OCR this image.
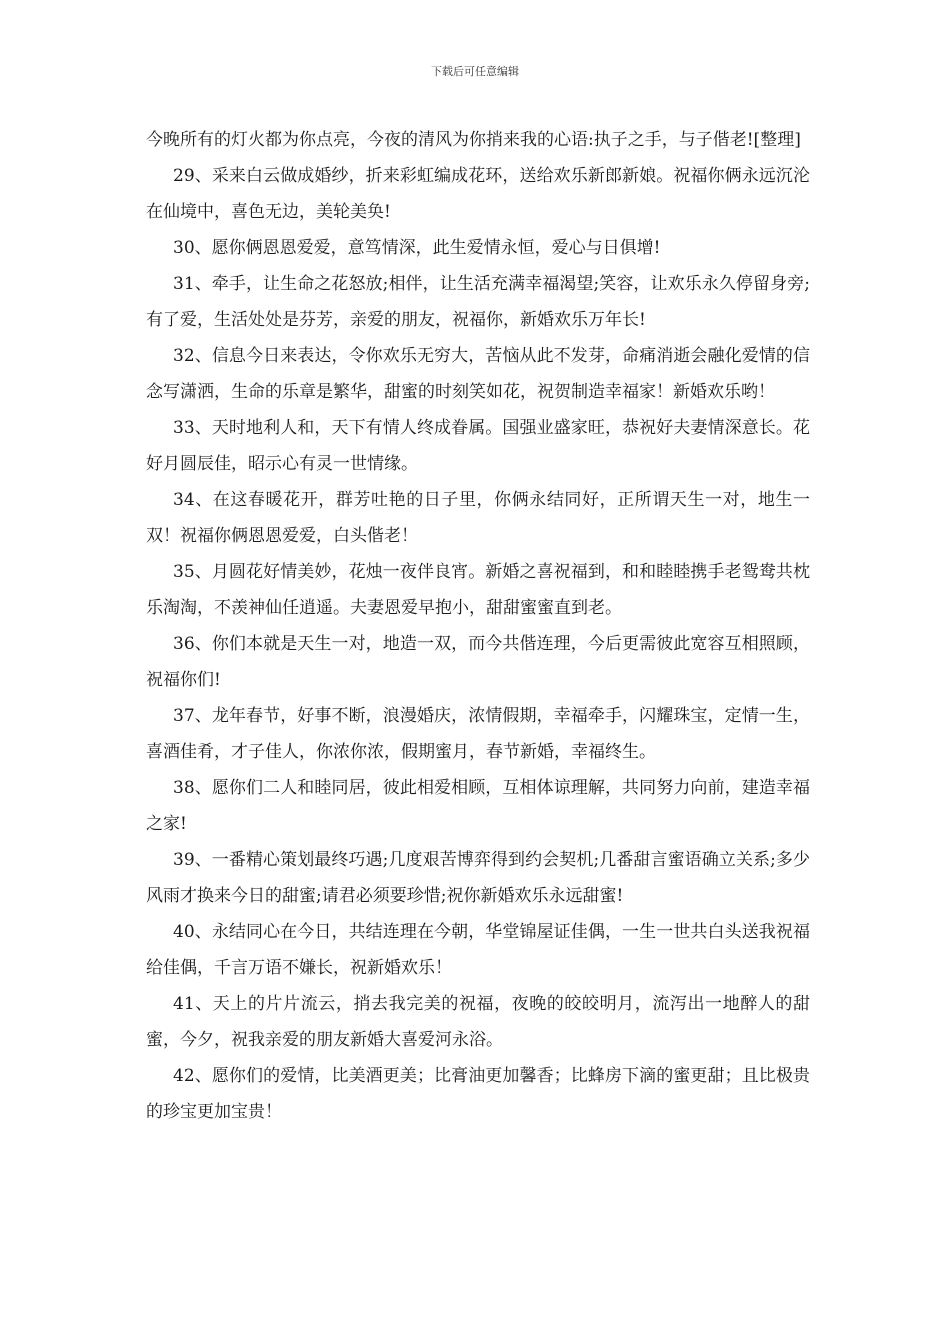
下载后可任意编辑

今晚所有的灯火都为你点亮，今夜的清风为你捎来我的心语:执子之手，与子偕老![整理]

29、采来白云做成婚纱，折来彩虹编成花环，送给欢乐新郎新娘。祝福你俩永远沉沦在仙境中，喜色无边，美轮美奂!

30、愿你俩恩恩爱爱，意笃情深，此生爱情永恒，爱心与日俱增!

31、牵手，让生命之花怒放;相伴，让生活充满幸福渴望;笑容，让欢乐永久停留身旁;有了爱，生活处处是芬芳，亲爱的朋友，祝福你，新婚欢乐万年长!

32、信息今日来表达，令你欢乐无穷大，苦恼从此不发芽，命痛消逝会融化爱情的信念写潇洒，生命的乐章是繁华，甜蜜的时刻笑如花，祝贺制造幸福家！新婚欢乐哟！

33、天时地利人和，天下有情人终成眷属。国强业盛家旺，恭祝好夫妻情深意长。花好月圆辰佳，昭示心有灵一世情缘。

34、在这春暖花开，群芳吐艳的日子里，你俩永结同好，正所谓天生一对，地生一双！祝福你俩恩恩爱爱，白头偕老！

35、月圆花好情美妙，花烛一夜伴良宵。新婚之喜祝福到，和和睦睦携手老鸳鸯共枕乐淘淘，不羡神仙任逍遥。夫妻恩爱早抱小，甜甜蜜蜜直到老。

36、你们本就是天生一对，地造一双，而今共偕连理，今后更需彼此宽容互相照顾，祝福你们!

37、龙年春节，好事不断，浪漫婚庆，浓情假期，幸福牵手，闪耀珠宝，定情一生，喜酒佳肴，才子佳人，你浓你浓，假期蜜月，春节新婚，幸福终生。

38、愿你们二人和睦同居，彼此相爱相顾，互相体谅理解，共同努力向前，建造幸福之家!

39、一番精心策划最终巧遇;几度艰苦博弈得到约会契机;几番甜言蜜语确立关系;多少风雨才换来今日的甜蜜;请君必须要珍惜;祝你新婚欢乐永远甜蜜!

40、永结同心在今日，共结连理在今朝，华堂锦屋证佳偶，一生一世共白头送我祝福给佳偶，千言万语不嫌长，祝新婚欢乐！

41、天上的片片流云，捎去我完美的祝福，夜晚的皎皎明月，流泻出一地醉人的甜蜜，今夕，祝我亲爱的朋友新婚大喜爱河永浴。

42、愿你们的爱情，比美酒更美；比膏油更加馨香；比蜂房下滴的蜜更甜；且比极贵的珍宝更加宝贵！
